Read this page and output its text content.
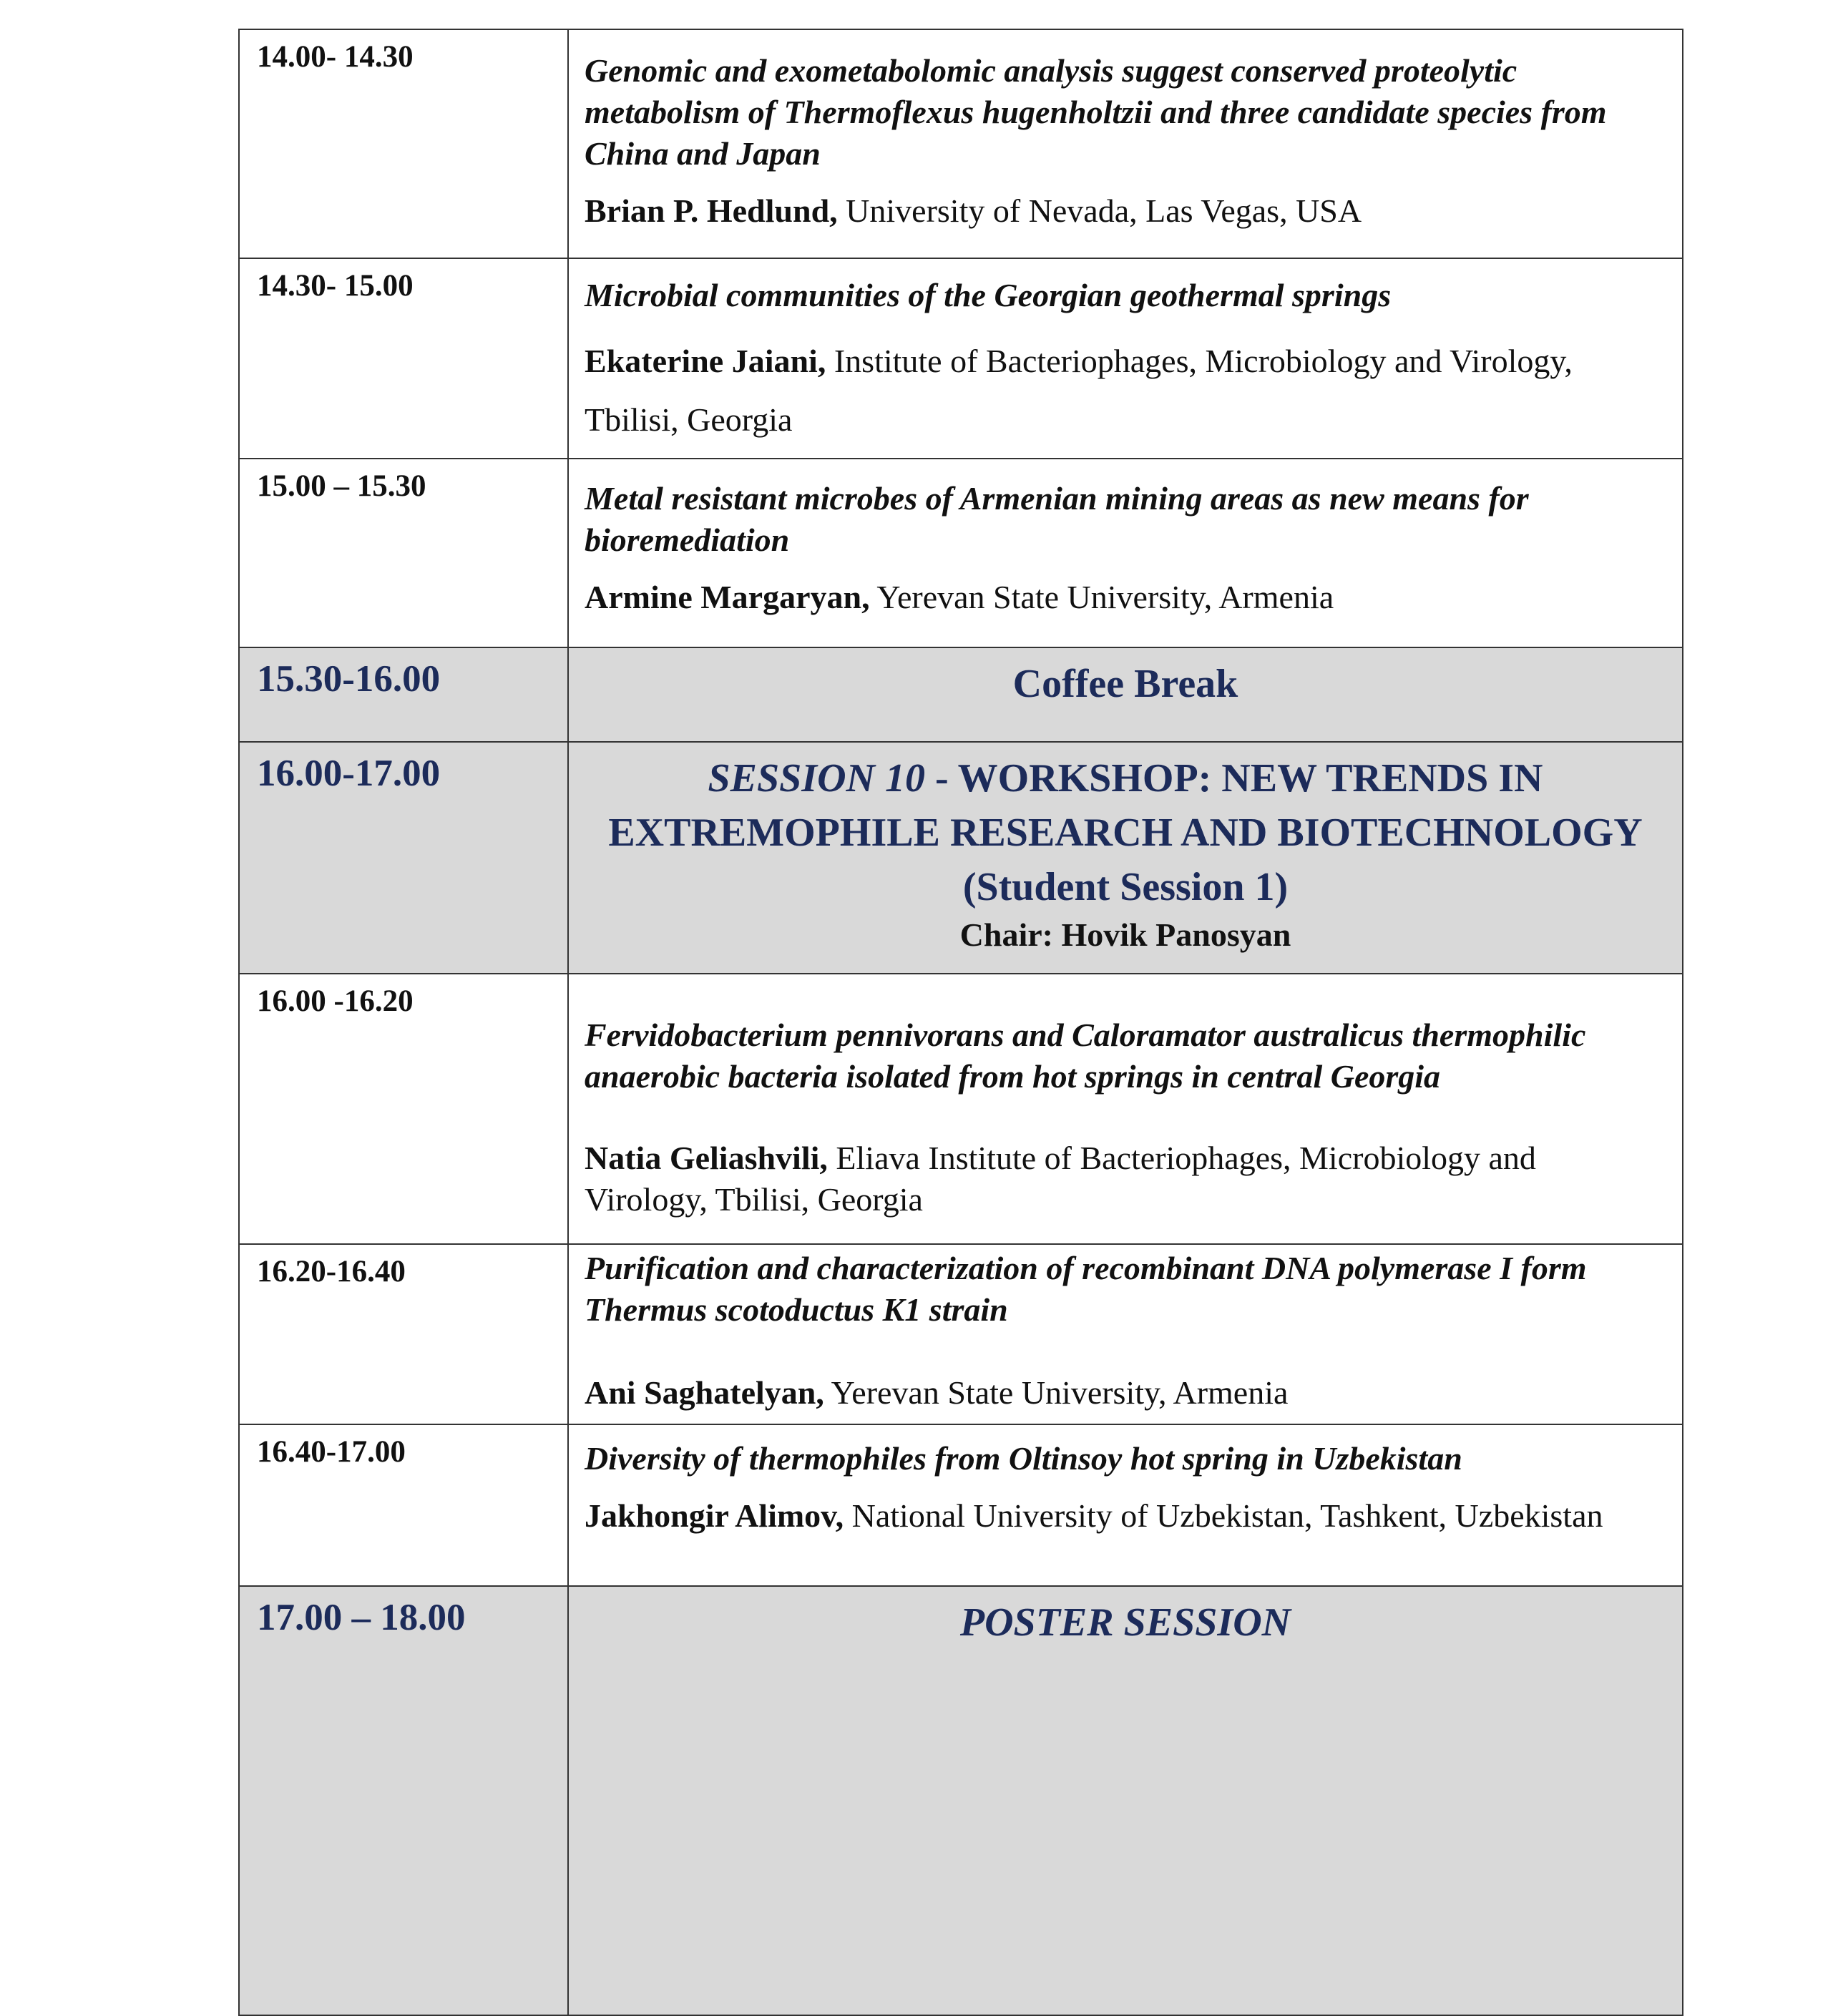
14.00- 14.30	Genomic and exometabolomic analysis suggest conserved proteolytic metabolism of Thermoflexus hugenholtzii and three candidate species from China and Japan
Brian P. Hedlund, University of Nevada, Las Vegas, USA

14.30- 15.00	Microbial communities of the Georgian geothermal springs
Ekaterine Jaiani, Institute of Bacteriophages, Microbiology and Virology, Tbilisi, Georgia

15.00 – 15.30	Metal resistant microbes of Armenian mining areas as new means for bioremediation
Armine Margaryan, Yerevan State University, Armenia

15.30-16.00	Coffee Break

16.00-17.00	SESSION 10 - WORKSHOP: NEW TRENDS IN EXTREMOPHILE RESEARCH AND BIOTECHNOLOGY
(Student Session 1)
Chair: Hovik Panosyan

16.00 -16.20	Fervidobacterium pennivorans and Caloramator australicus thermophilic anaerobic bacteria isolated from hot springs in central Georgia
Natia Geliashvili, Eliava Institute of Bacteriophages, Microbiology and Virology, Tbilisi, Georgia

16.20-16.40	Purification and characterization of recombinant DNA polymerase I form Thermus scotoductus K1 strain
Ani Saghatelyan, Yerevan State University, Armenia

16.40-17.00	Diversity of thermophiles from Oltinsoy hot spring in Uzbekistan
Jakhongir Alimov, National University of Uzbekistan, Tashkent, Uzbekistan

17.00 – 18.00	POSTER SESSION
